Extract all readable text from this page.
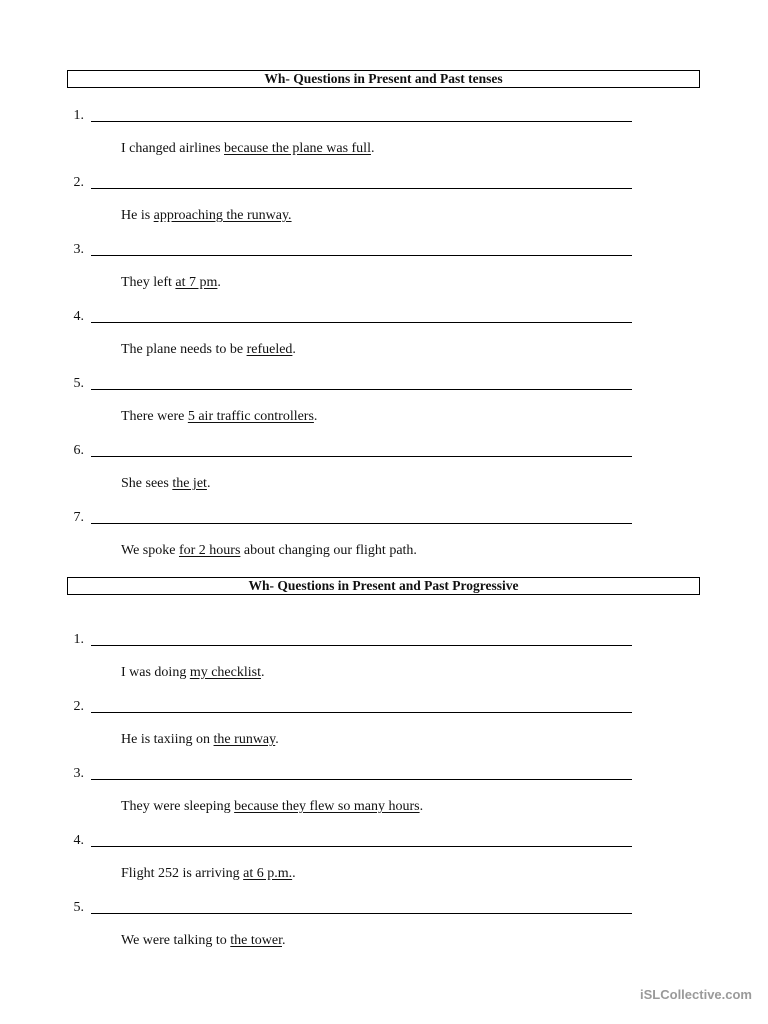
Wh- Questions in Present and Past tenses
1.
I changed airlines because the plane was full.
2.
He is approaching the runway.
3.
They left at 7 pm.
4.
The plane needs to be refueled.
5.
There were 5 air traffic controllers.
6.
She sees the jet.
7.
We spoke for 2 hours about changing our flight path.
Wh- Questions in Present and Past Progressive
1.
I was doing my checklist.
2.
He is taxiing on the runway.
3.
They were sleeping because they flew so many hours.
4.
Flight 252 is arriving at 6 p.m..
5.
We were talking to the tower.
iSLCollective.com
